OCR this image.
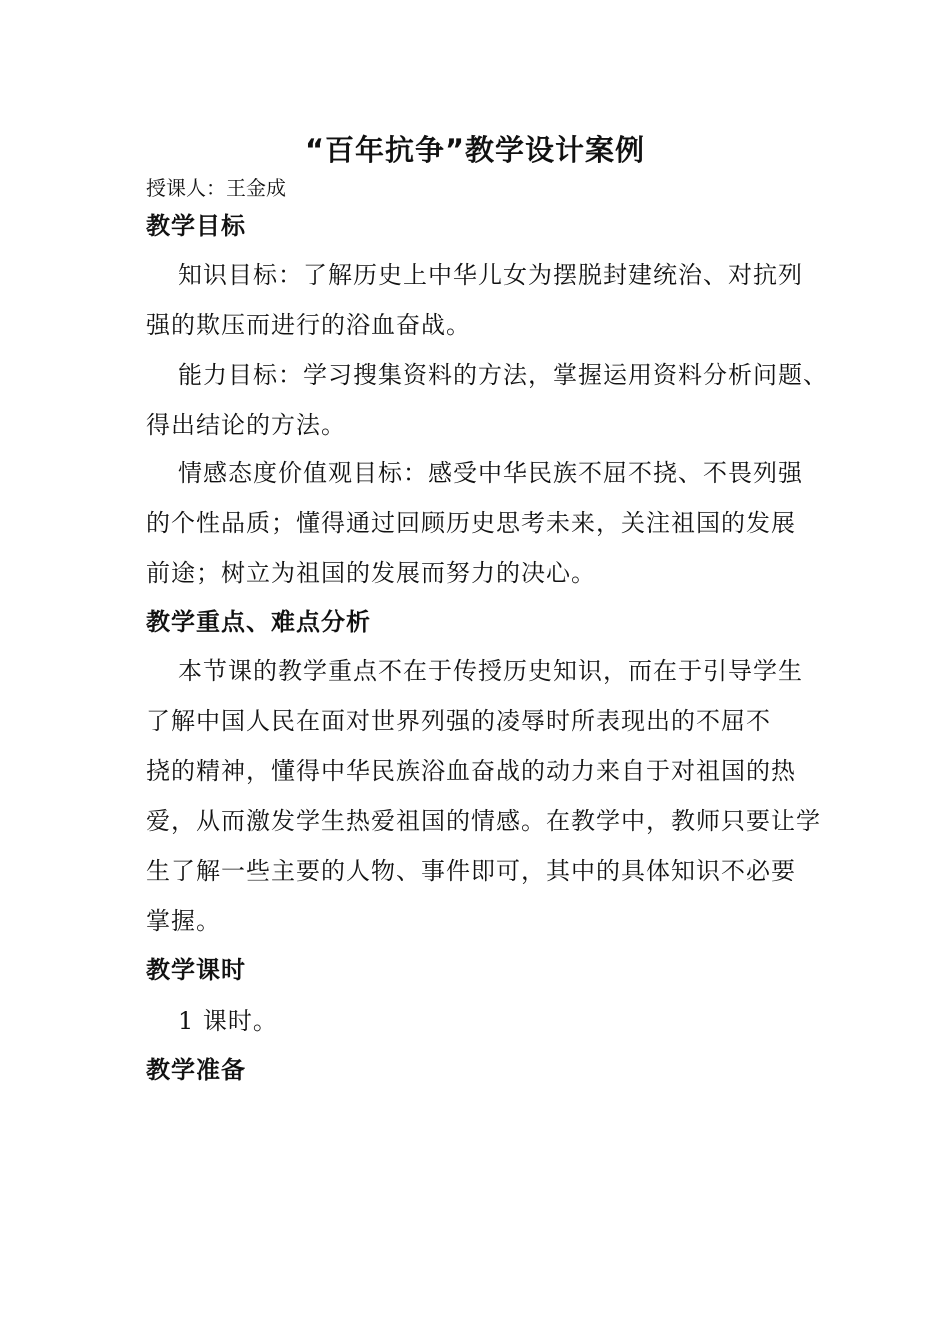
“百年抗争”教学设计案例
授课人：王金成
教学目标
知识目标：了解历史上中华儿女为摆脱封建统治、对抗列
强的欺压而进行的浴血奋战。
能力目标：学习搜集资料的方法，掌握运用资料分析问题、
得出结论的方法。
情感态度价值观目标：感受中华民族不屈不挠、不畏列强
的个性品质；懂得通过回顾历史思考未来，关注祖国的发展
前途；树立为祖国的发展而努力的决心。
教学重点、难点分析
本节课的教学重点不在于传授历史知识，而在于引导学生
了解中国人民在面对世界列强的凌辱时所表现出的不屈不
挠的精神，懂得中华民族浴血奋战的动力来自于对祖国的热
爱，从而激发学生热爱祖国的情感。在教学中，教师只要让学
生了解一些主要的人物、事件即可，其中的具体知识不必要
掌握。
教学课时
1 课时。
教学准备
